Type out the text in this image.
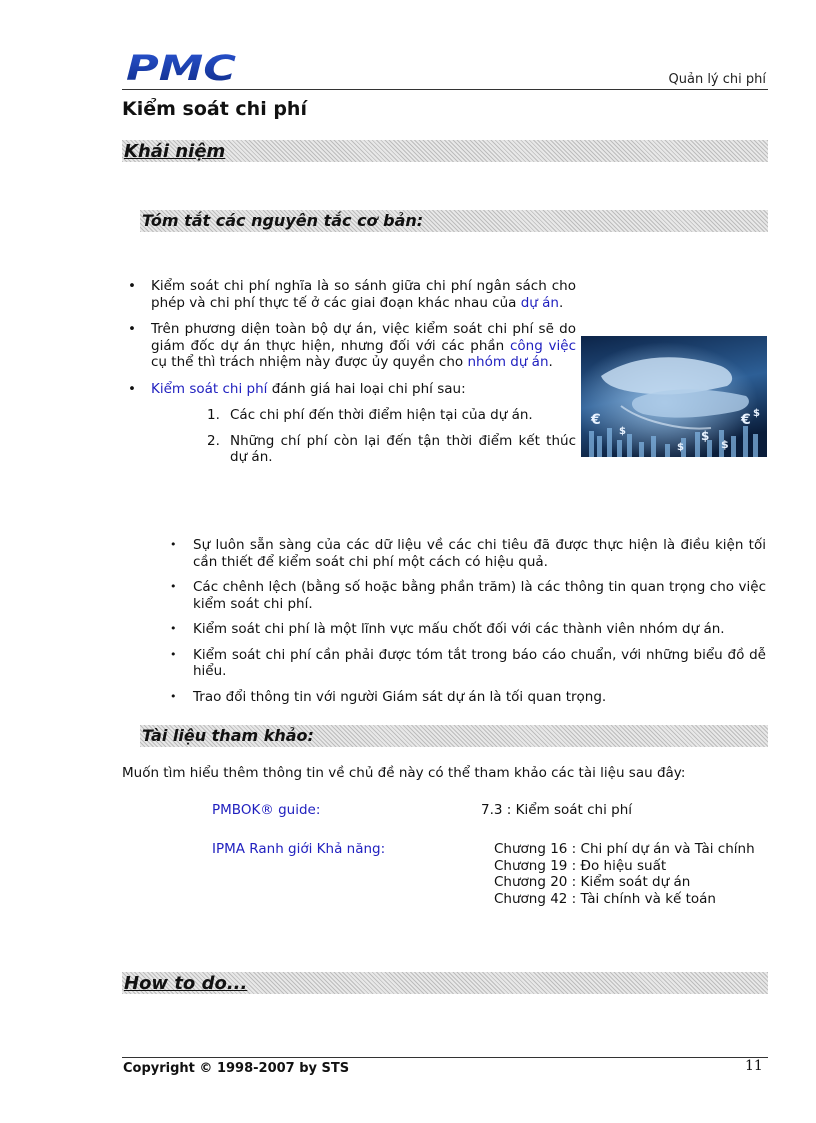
PMC	Quản lý chi phí
Kiểm soát chi phí
Khái niệm
Tóm tắt các nguyên tắc cơ bản:
• Kiểm soát chi phí nghĩa là so sánh giữa chi phí ngân sách cho phép và chi phí thực tế ở các giai đoạn khác nhau của dự án.
• Trên phương diện toàn bộ dự án, việc kiểm soát chi phí sẽ do giám đốc dự án thực hiện, nhưng đối với các phần công việc cụ thể thì trách nhiệm này được ủy quyền cho nhóm dự án.
• Kiểm soát chi phí đánh giá hai loại chi phí sau:
1. Các chi phí đến thời điểm hiện tại của dự án.
2. Những chí phí còn lại đến tận thời điểm kết thúc dự án.
€
$	$
$
€ $
$
• Sự luôn sẵn sàng của các dữ liệu về các chi tiêu đã được thực hiện là điều kiện tối cần thiết để kiểm soát chi phí một cách có hiệu quả.
• Các chênh lệch (bằng số hoặc bằng phần trăm) là các thông tin quan trọng cho việc kiểm soát chi phí.
• Kiểm soát chi phí là một lĩnh vực mấu chốt đối với các thành viên nhóm dự án.
• Kiểm soát chi phí cần phải được tóm tắt trong báo cáo chuẩn, với những biểu đồ dễ hiểu.
• Trao đổi thông tin với người Giám sát dự án là tối quan trọng.
Tài liệu tham khảo:
Muốn tìm hiểu thêm thông tin về chủ đề này có thể tham khảo các tài liệu sau đây:
PMBOK® guide:	7.3 : Kiểm soát chi phí
IPMA Ranh giới Khả năng:	Chương 16 : Chi phí dự án và Tài chính
Chương 19 : Đo hiệu suất
Chương 20 : Kiểm soát dự án
Chương 42 : Tài chính và kế toán
How to do...
Copyright © 1998-2007 by STS	11
